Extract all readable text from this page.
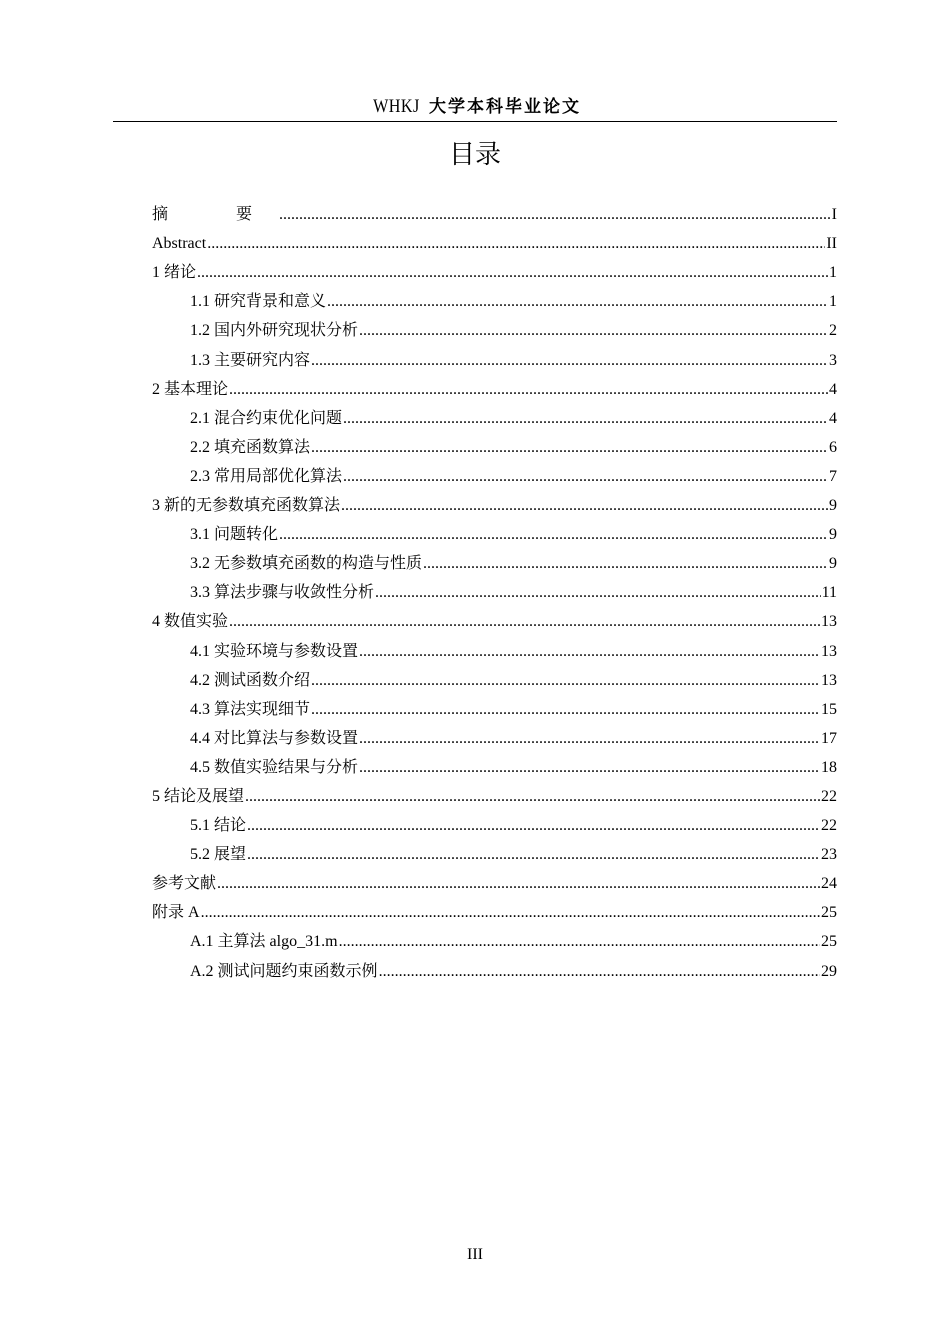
WHKJ 大学本科毕业论文
目录
摘　要 .....	I
Abstract .....	II
1 绪论 .....	1
1.1 研究背景和意义 .....	1
1.2 国内外研究现状分析 .....	2
1.3 主要研究内容 .....	3
2 基本理论 .....	4
2.1 混合约束优化问题 .....	4
2.2 填充函数算法 .....	6
2.3 常用局部优化算法 .....	7
3 新的无参数填充函数算法 .....	9
3.1 问题转化 .....	9
3.2 无参数填充函数的构造与性质 .....	9
3.3 算法步骤与收敛性分析 .....	11
4 数值实验 .....	13
4.1 实验环境与参数设置 .....	13
4.2 测试函数介绍 .....	13
4.3 算法实现细节 .....	15
4.4 对比算法与参数设置 .....	17
4.5 数值实验结果与分析 .....	18
5 结论及展望 .....	22
5.1 结论 .....	22
5.2 展望 .....	23
参考文献 .....	24
附录 A .....	25
A.1 主算法 algo_31.m .....	25
A.2 测试问题约束函数示例 .....	29
III
